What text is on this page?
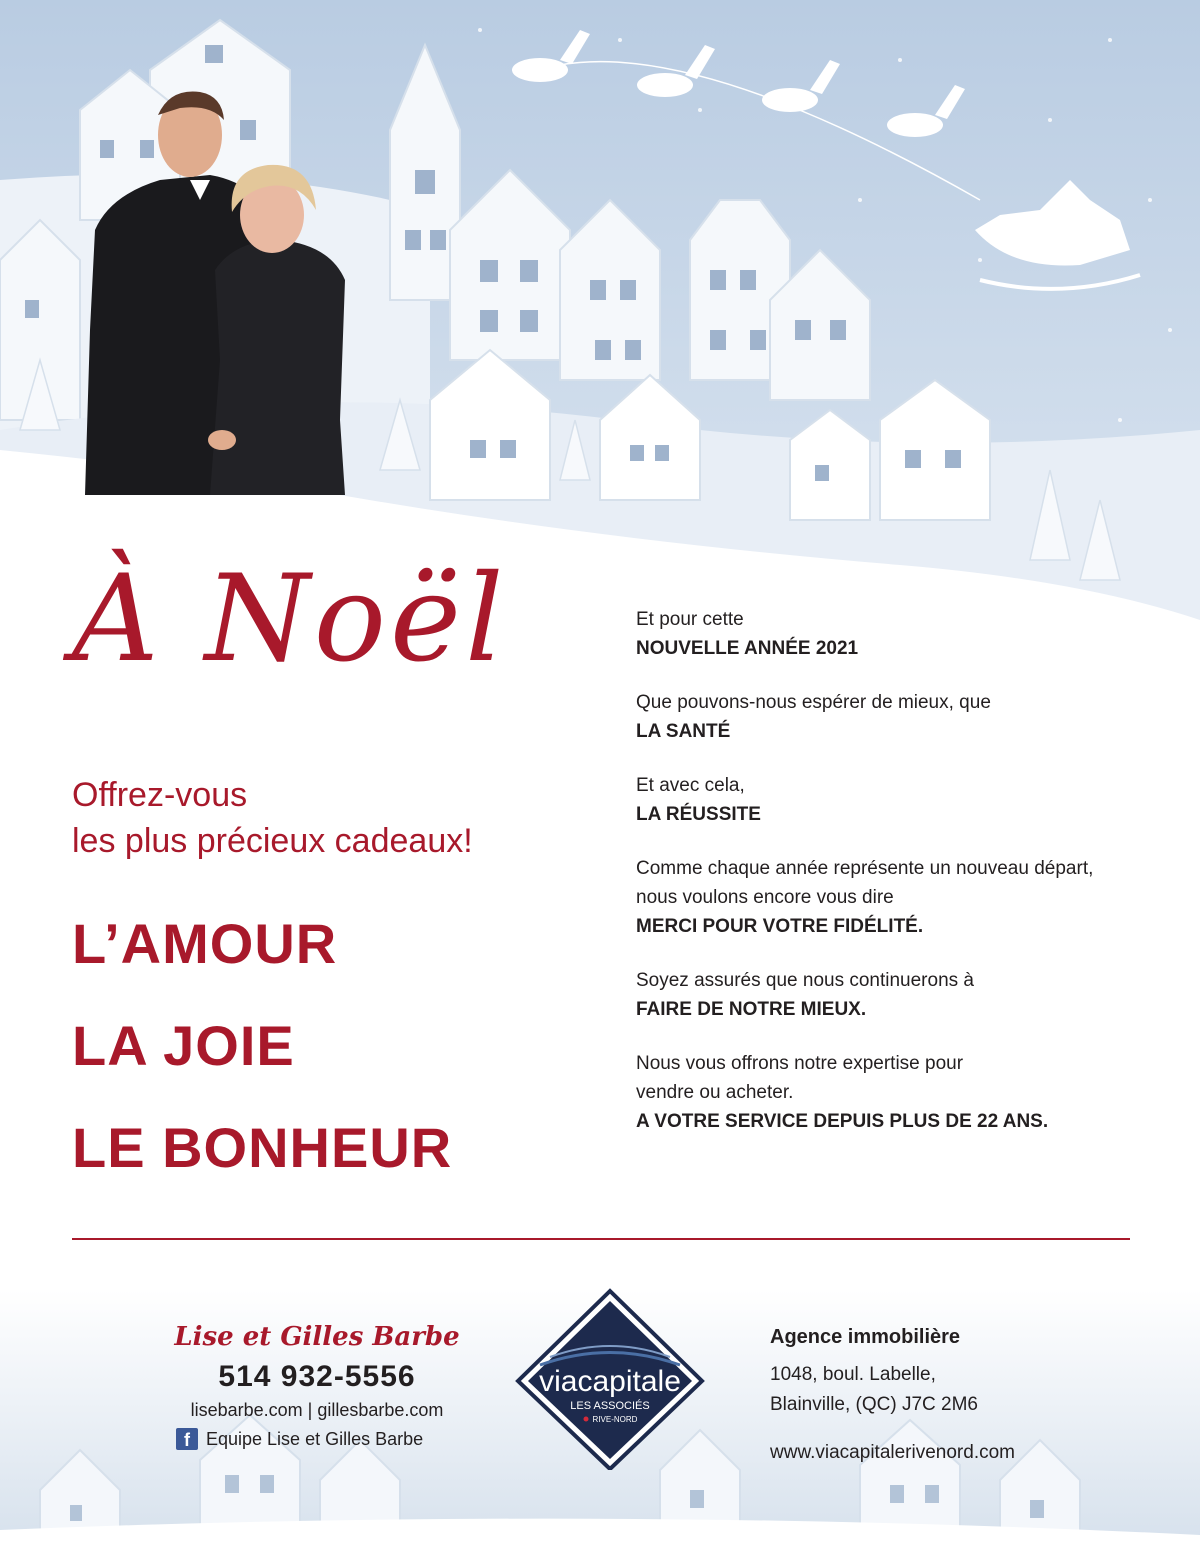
À Noël
Offrez-vous
les plus précieux cadeaux!
L’AMOUR
LA JOIE
LE BONHEUR

Et pour cette
NOUVELLE ANNÉE 2021

Que pouvons-nous espérer de mieux, que
LA SANTÉ

Et avec cela,
LA RÉUSSITE

Comme chaque année représente un nouveau départ, nous voulons encore vous dire
MERCI POUR VOTRE FIDÉLITÉ.

Soyez assurés que nous continuerons à
FAIRE DE NOTRE MIEUX.

Nous vous offrons notre expertise pour vendre ou acheter.
A VOTRE SERVICE DEPUIS PLUS DE 22 ANS.

Lise et Gilles Barbe
514 932-5556
lisebarbe.com | gillesbarbe.com
f Equipe Lise et Gilles Barbe
viacapitale
LES ASSOCIÉS
RIVE-NORD
Agence immobilière
1048, boul. Labelle,
Blainville, (QC) J7C 2M6
www.viacapitalerivenord.com
